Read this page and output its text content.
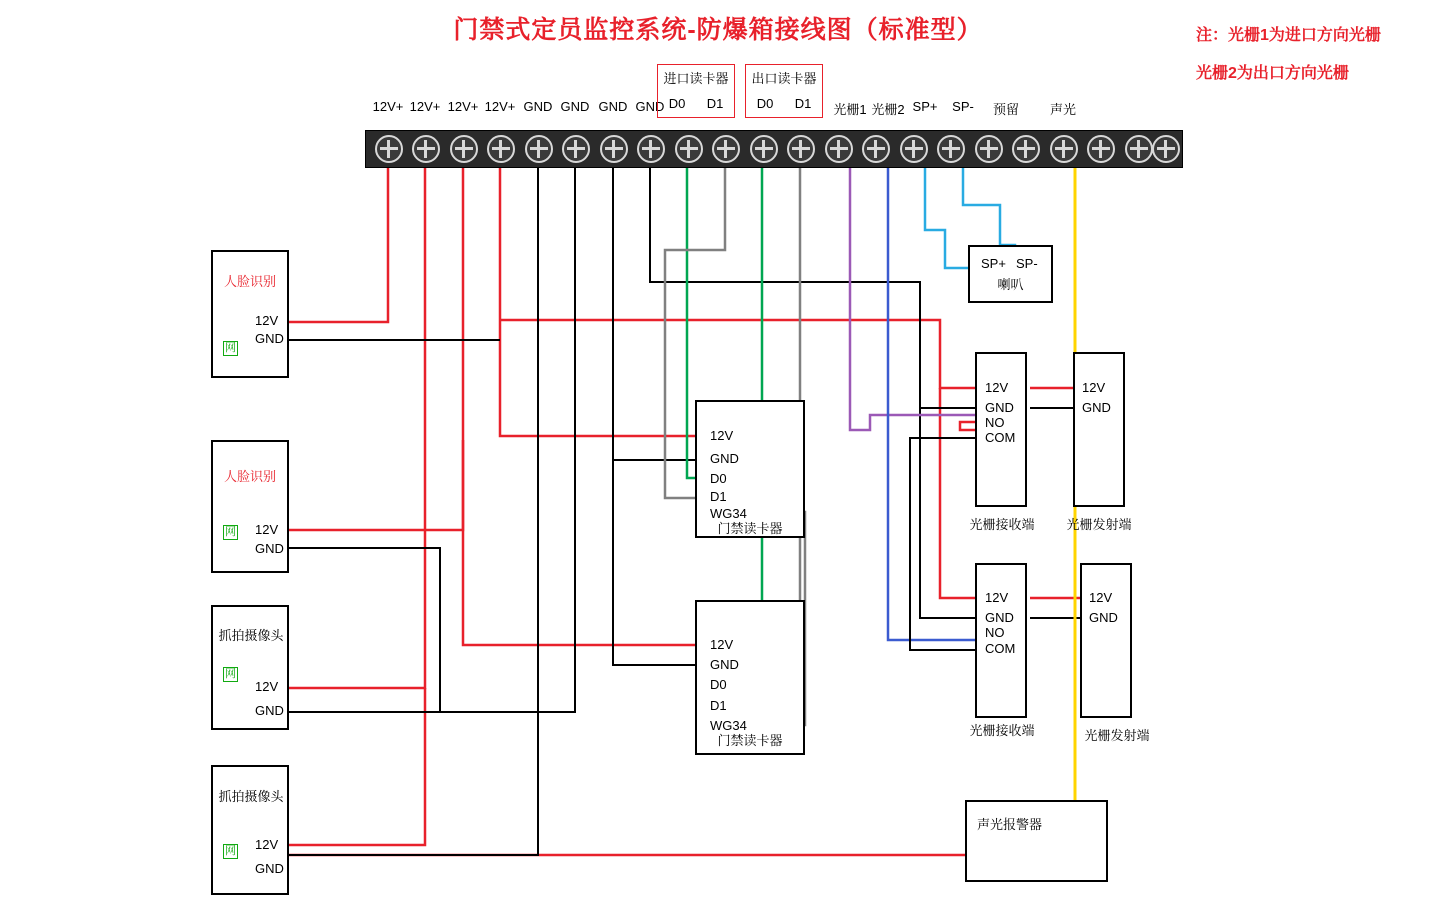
门禁式定员监控系统-防爆箱接线图（标准型）	注：光栅1为进口方向光栅
光栅2为出口方向光栅
12V+ 12V+ 12V+ 12V+ GND GND GND GND	光栅1 光栅2 SP+	SP-	预留	声光
进口读卡器
D0 D1
出口读卡器
D0 D1
人脸识别
网
12V
GND
人脸识别
网 12V
GND
抓拍摄像头
网
12V
GND
抓拍摄像头
网 12V
GND
12V
GND
D0
D1
WG34
门禁读卡器
12V
GND
D0
D1
WG34
门禁读卡器
SP+ SP-
喇叭
12V
GND
NO
COM
光栅接收端
12V
GND
光栅发射端
12V
GND
NO
COM
光栅接收端
12V
GND
光栅发射端
声光报警器
